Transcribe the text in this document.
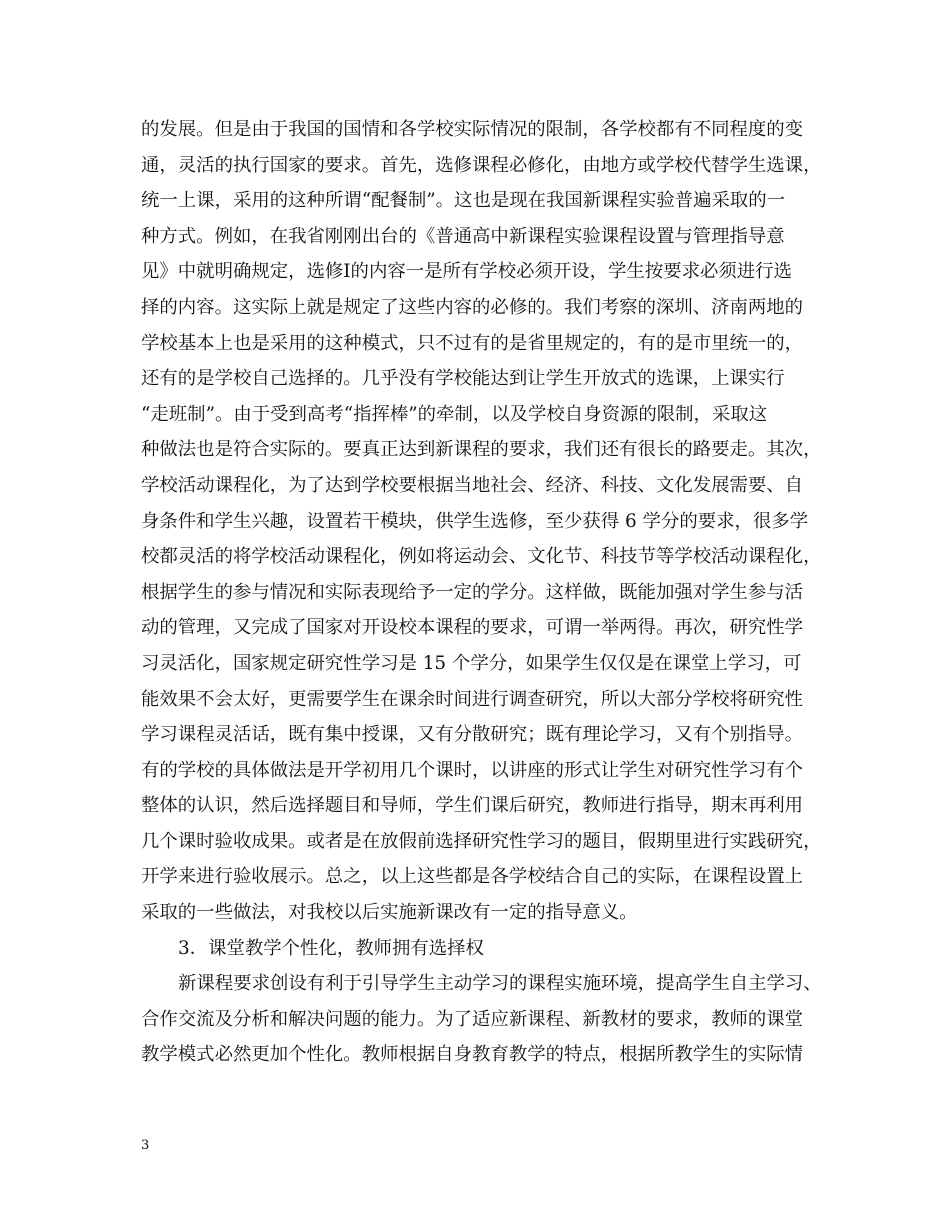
的发展。但是由于我国的国情和各学校实际情况的限制，各学校都有不同程度的变
通，灵活的执行国家的要求。首先，选修课程必修化，由地方或学校代替学生选课，
统一上课，采用的这种所谓“配餐制”。这也是现在我国新课程实验普遍采取的一
种方式。例如，在我省刚刚出台的《普通高中新课程实验课程设置与管理指导意
见》中就明确规定，选修Ⅰ的内容一是所有学校必须开设，学生按要求必须进行选
择的内容。这实际上就是规定了这些内容的必修的。我们考察的深圳、济南两地的
学校基本上也是采用的这种模式，只不过有的是省里规定的，有的是市里统一的，
还有的是学校自己选择的。几乎没有学校能达到让学生开放式的选课，上课实行
“走班制”。由于受到高考“指挥棒”的牵制，以及学校自身资源的限制，采取这
种做法也是符合实际的。要真正达到新课程的要求，我们还有很长的路要走。其次，
学校活动课程化，为了达到学校要根据当地社会、经济、科技、文化发展需要、自
身条件和学生兴趣，设置若干模块，供学生选修，至少获得 6 学分的要求，很多学
校都灵活的将学校活动课程化，例如将运动会、文化节、科技节等学校活动课程化，
根据学生的参与情况和实际表现给予一定的学分。这样做，既能加强对学生参与活
动的管理，又完成了国家对开设校本课程的要求，可谓一举两得。再次，研究性学
习灵活化，国家规定研究性学习是 15 个学分，如果学生仅仅是在课堂上学习，可
能效果不会太好，更需要学生在课余时间进行调查研究，所以大部分学校将研究性
学习课程灵活话，既有集中授课，又有分散研究；既有理论学习，又有个别指导。
有的学校的具体做法是开学初用几个课时，以讲座的形式让学生对研究性学习有个
整体的认识，然后选择题目和导师，学生们课后研究，教师进行指导，期末再利用
几个课时验收成果。或者是在放假前选择研究性学习的题目，假期里进行实践研究，
开学来进行验收展示。总之，以上这些都是各学校结合自己的实际，在课程设置上
采取的一些做法，对我校以后实施新课改有一定的指导意义。
3．课堂教学个性化，教师拥有选择权
新课程要求创设有利于引导学生主动学习的课程实施环境，提高学生自主学习、
合作交流及分析和解决问题的能力。为了适应新课程、新教材的要求，教师的课堂
教学模式必然更加个性化。教师根据自身教育教学的特点，根据所教学生的实际情
3
